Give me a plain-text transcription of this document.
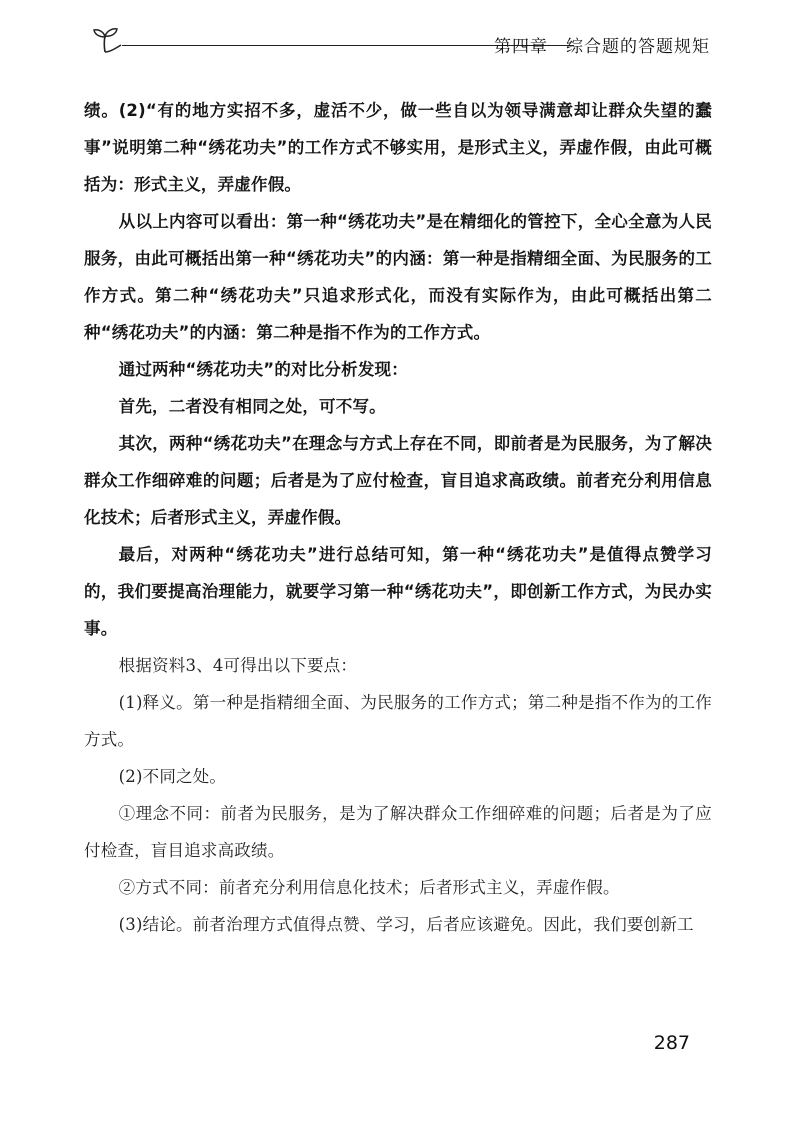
第四章　综合题的答题规矩

绩。(2)“有的地方实招不多，虚活不少，做一些自以为领导满意却让群众失望的蠢事”说明第二种“绣花功夫”的工作方式不够实用，是形式主义，弄虚作假，由此可概括为：形式主义，弄虚作假。

从以上内容可以看出：第一种“绣花功夫”是在精细化的管控下，全心全意为人民服务，由此可概括出第一种“绣花功夫”的内涵：第一种是指精细全面、为民服务的工作方式。第二种“绣花功夫”只追求形式化，而没有实际作为，由此可概括出第二种“绣花功夫”的内涵：第二种是指不作为的工作方式。

通过两种“绣花功夫”的对比分析发现：

首先，二者没有相同之处，可不写。

其次，两种“绣花功夫”在理念与方式上存在不同，即前者是为民服务，为了解决群众工作细碎难的问题；后者是为了应付检查，盲目追求高政绩。前者充分利用信息化技术；后者形式主义，弄虚作假。

最后，对两种“绣花功夫”进行总结可知，第一种“绣花功夫”是值得点赞学习的，我们要提高治理能力，就要学习第一种“绣花功夫”，即创新工作方式，为民办实事。

根据资料3、4可得出以下要点：

(1)释义。第一种是指精细全面、为民服务的工作方式；第二种是指不作为的工作方式。

(2)不同之处。

①理念不同：前者为民服务，是为了解决群众工作细碎难的问题；后者是为了应付检查，盲目追求高政绩。

②方式不同：前者充分利用信息化技术；后者形式主义，弄虚作假。

(3)结论。前者治理方式值得点赞、学习，后者应该避免。因此，我们要创新工

287
